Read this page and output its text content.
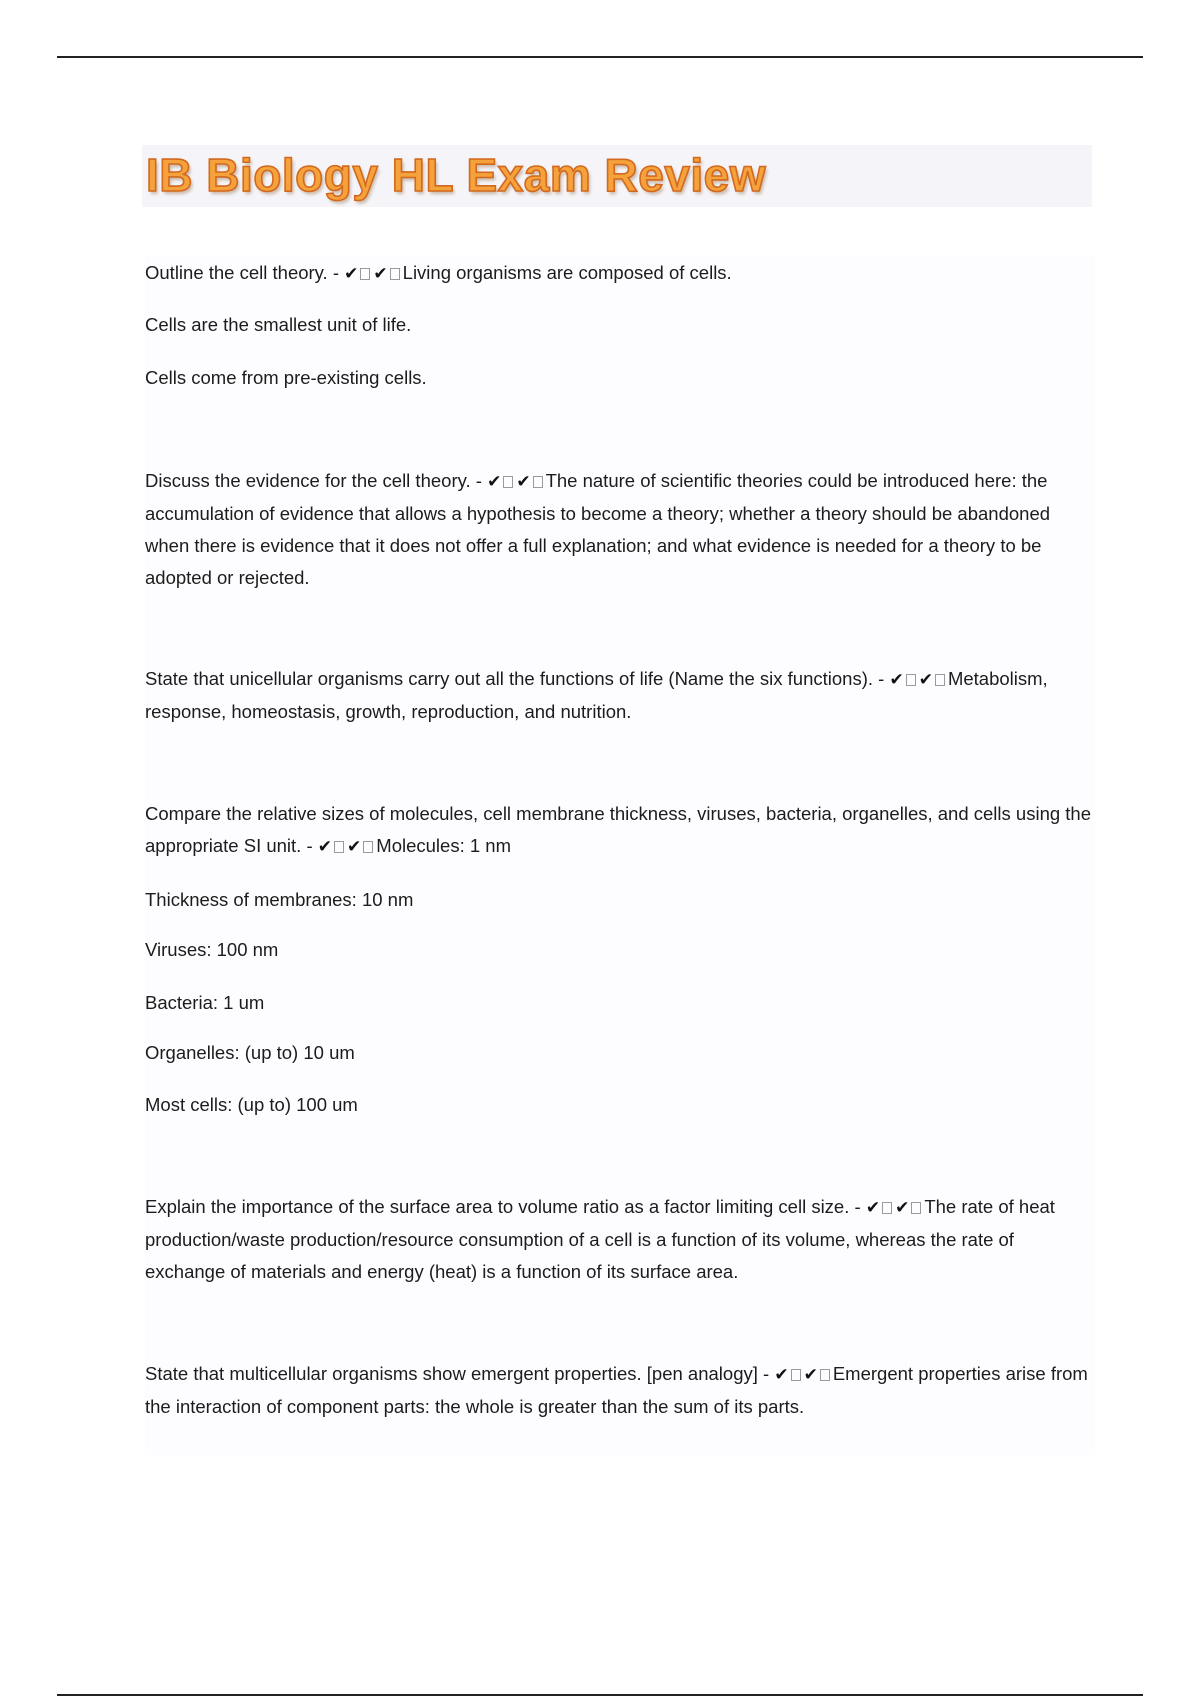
IB Biology HL Exam Review

Outline the cell theory. - ✔ ✔ Living organisms are composed of cells.

Cells are the smallest unit of life.

Cells come from pre-existing cells.

Discuss the evidence for the cell theory. - ✔ ✔ The nature of scientific theories could be introduced here: the accumulation of evidence that allows a hypothesis to become a theory; whether a theory should be abandoned when there is evidence that it does not offer a full explanation; and what evidence is needed for a theory to be adopted or rejected.

State that unicellular organisms carry out all the functions of life (Name the six functions). - ✔ ✔ Metabolism, response, homeostasis, growth, reproduction, and nutrition.

Compare the relative sizes of molecules, cell membrane thickness, viruses, bacteria, organelles, and cells using the appropriate SI unit. - ✔ ✔ Molecules: 1 nm

Thickness of membranes: 10 nm

Viruses: 100 nm

Bacteria: 1 um

Organelles: (up to) 10 um

Most cells: (up to) 100 um

Explain the importance of the surface area to volume ratio as a factor limiting cell size. - ✔ ✔ The rate of heat production/waste production/resource consumption of a cell is a function of its volume, whereas the rate of exchange of materials and energy (heat) is a function of its surface area.

State that multicellular organisms show emergent properties. [pen analogy] - ✔ ✔ Emergent properties arise from the interaction of component parts: the whole is greater than the sum of its parts.
